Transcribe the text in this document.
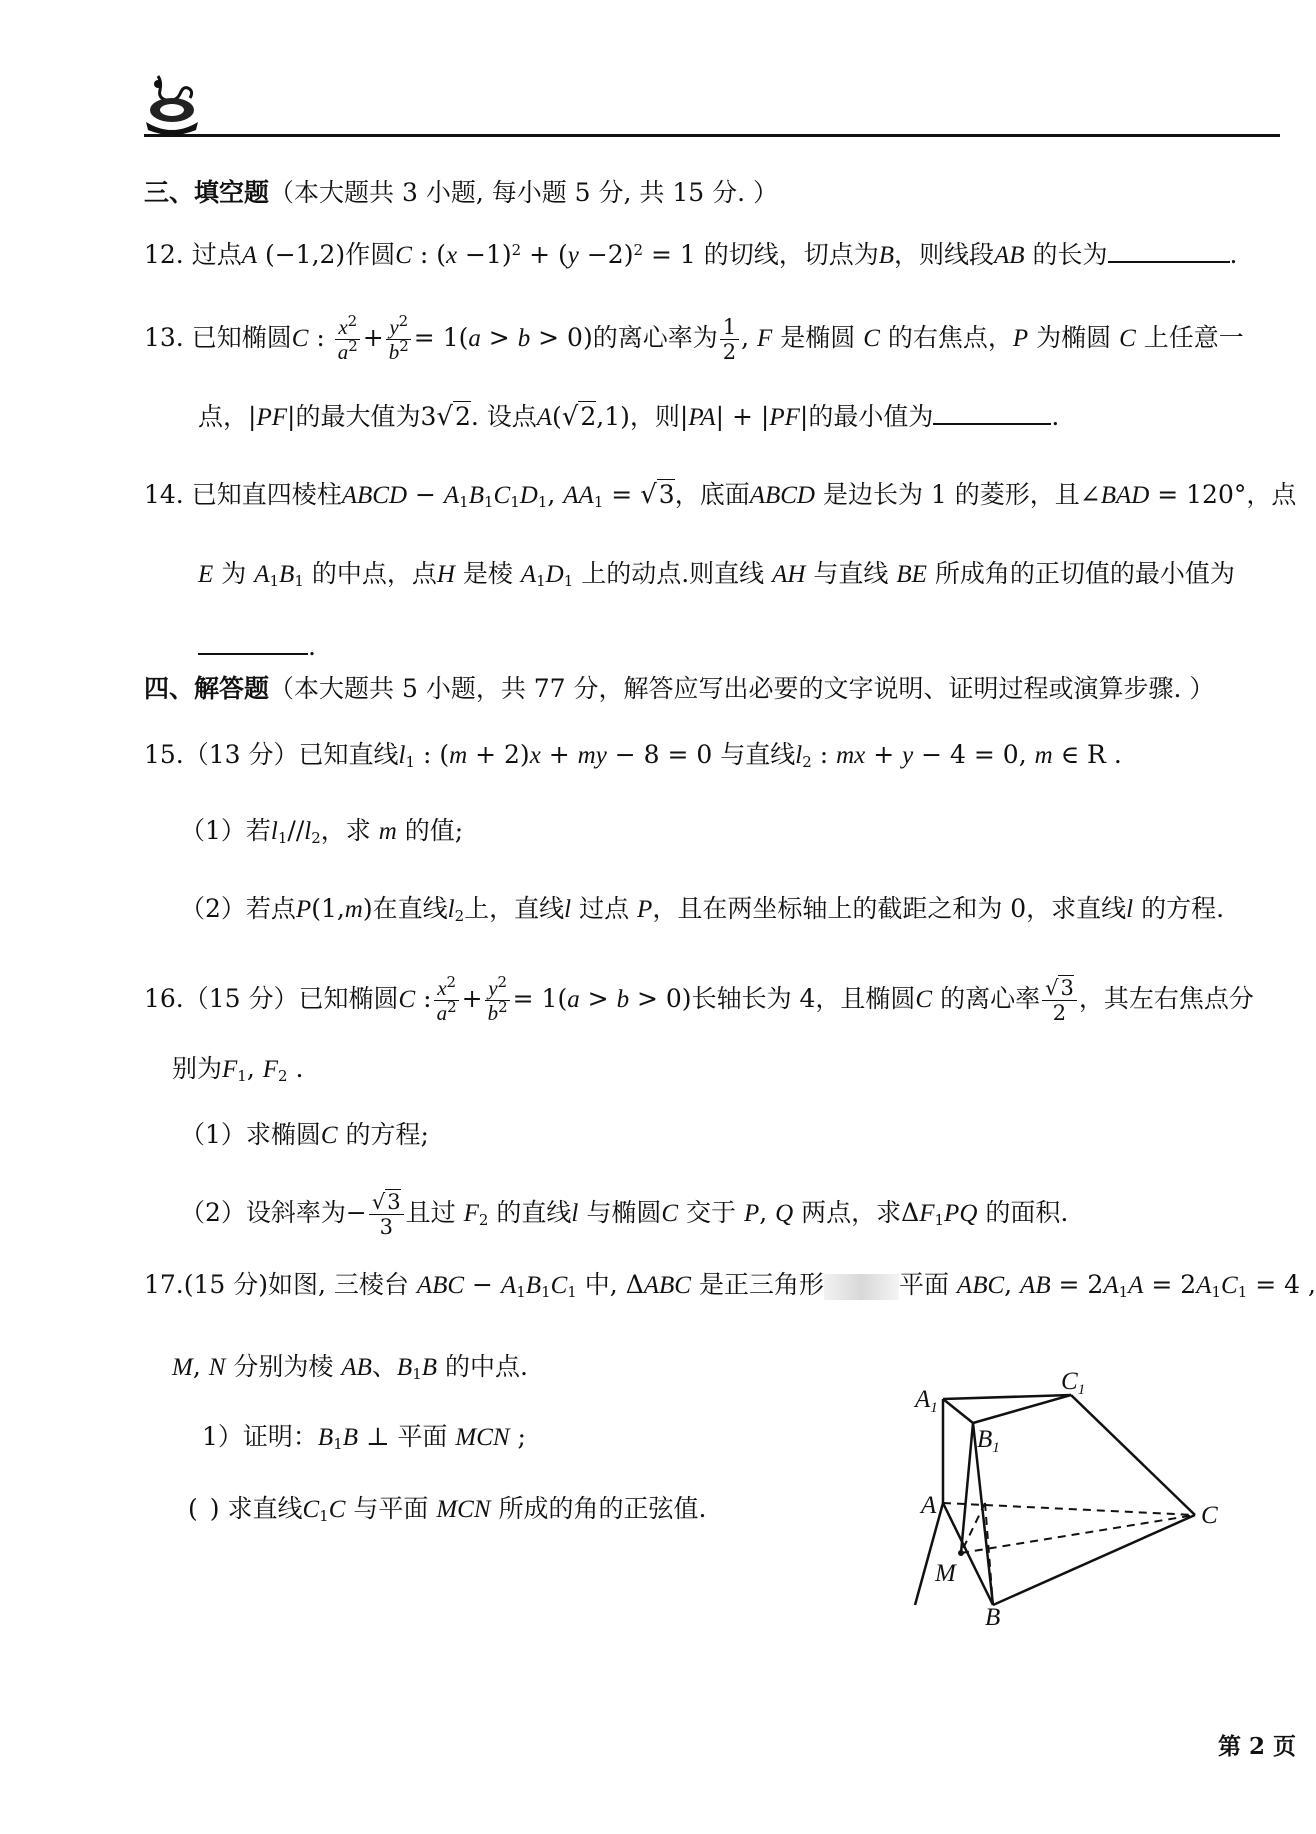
三、填空题（本大题共 3 小题, 每小题 5 分, 共 15 分. ）
12. 过点A (−1,2)作圆C : $(x -1)^2 + (y -2)^2 = 1$ 的切线，切点为B，则线段AB 的长为	.
13. 已知椭圆C : $\frac{x^2}{a^2} + \frac{y^2}{b^2} = 1(a > b > 0)$的离心率为 $\frac{1}{2}$ , F 是椭圆 C 的右焦点，P 为椭圆 C 上任意一
点，|PF|的最大值为3√2. 设点A(√2,1)，则|PA| + |PF|的最小值为	.
14. 已知直四棱柱ABCD − $A_1B_1C_1D_1$, $AA_1 = √3$，底面ABCD 是边长为 1 的菱形，且∠BAD = 120°，点
E 为 $A_1B_1$ 的中点，点H 是棱 $A_1D_1$ 上的动点.则直线 AH 与直线 BE 所成角的正切值的最小值为
.
四、解答题（本大题共 5 小题，共 77 分，解答应写出必要的文字说明、证明过程或演算步骤. ）
15.（13 分）已知直线$l_1$ : (m + 2)x + my − 8 = 0 与直线$l_2$ : mx + y − 4 = 0, m ∈ R .
（1）若$l_1//l_2$，求 m 的值;
（2）若点P(1,m)在直线$l_2$上，直线l 过点 P，且在两坐标轴上的截距之和为 0，求直线l 的方程.
16.（15 分）已知椭圆C : $\frac{x^2}{a^2} + \frac{y^2}{b^2} = 1(a > b > 0)$长轴长为 4，且椭圆C 的离心率 $\frac{√3}{2}$ ，其左右焦点分
别为$F_1$, $F_2$ .
（1）求椭圆C 的方程;
（2）设斜率为− $\frac{√3}{3}$ 且过 $F_2$ 的直线l 与椭圆C 交于 P, Q 两点，求$\Delta F_1PQ$ 的面积.
17.(15 分)如图, 三棱台 ABC − $A_1B_1C_1$ 中, ΔABC 是正三角形	平面 ABC, AB = $2A_1A = 2A_1C_1 = 4$ ,
M, N 分别为棱 AB、$B_1B$ 的中点.
1）证明：$B_1B$ ⊥ 平面 MCN ;
( ) 求直线$C_1C$ 与平面 MCN 所成的角的正弦值.
$A_1$
$C_1$
$B_1$
A	C
M
B
第 2 页
